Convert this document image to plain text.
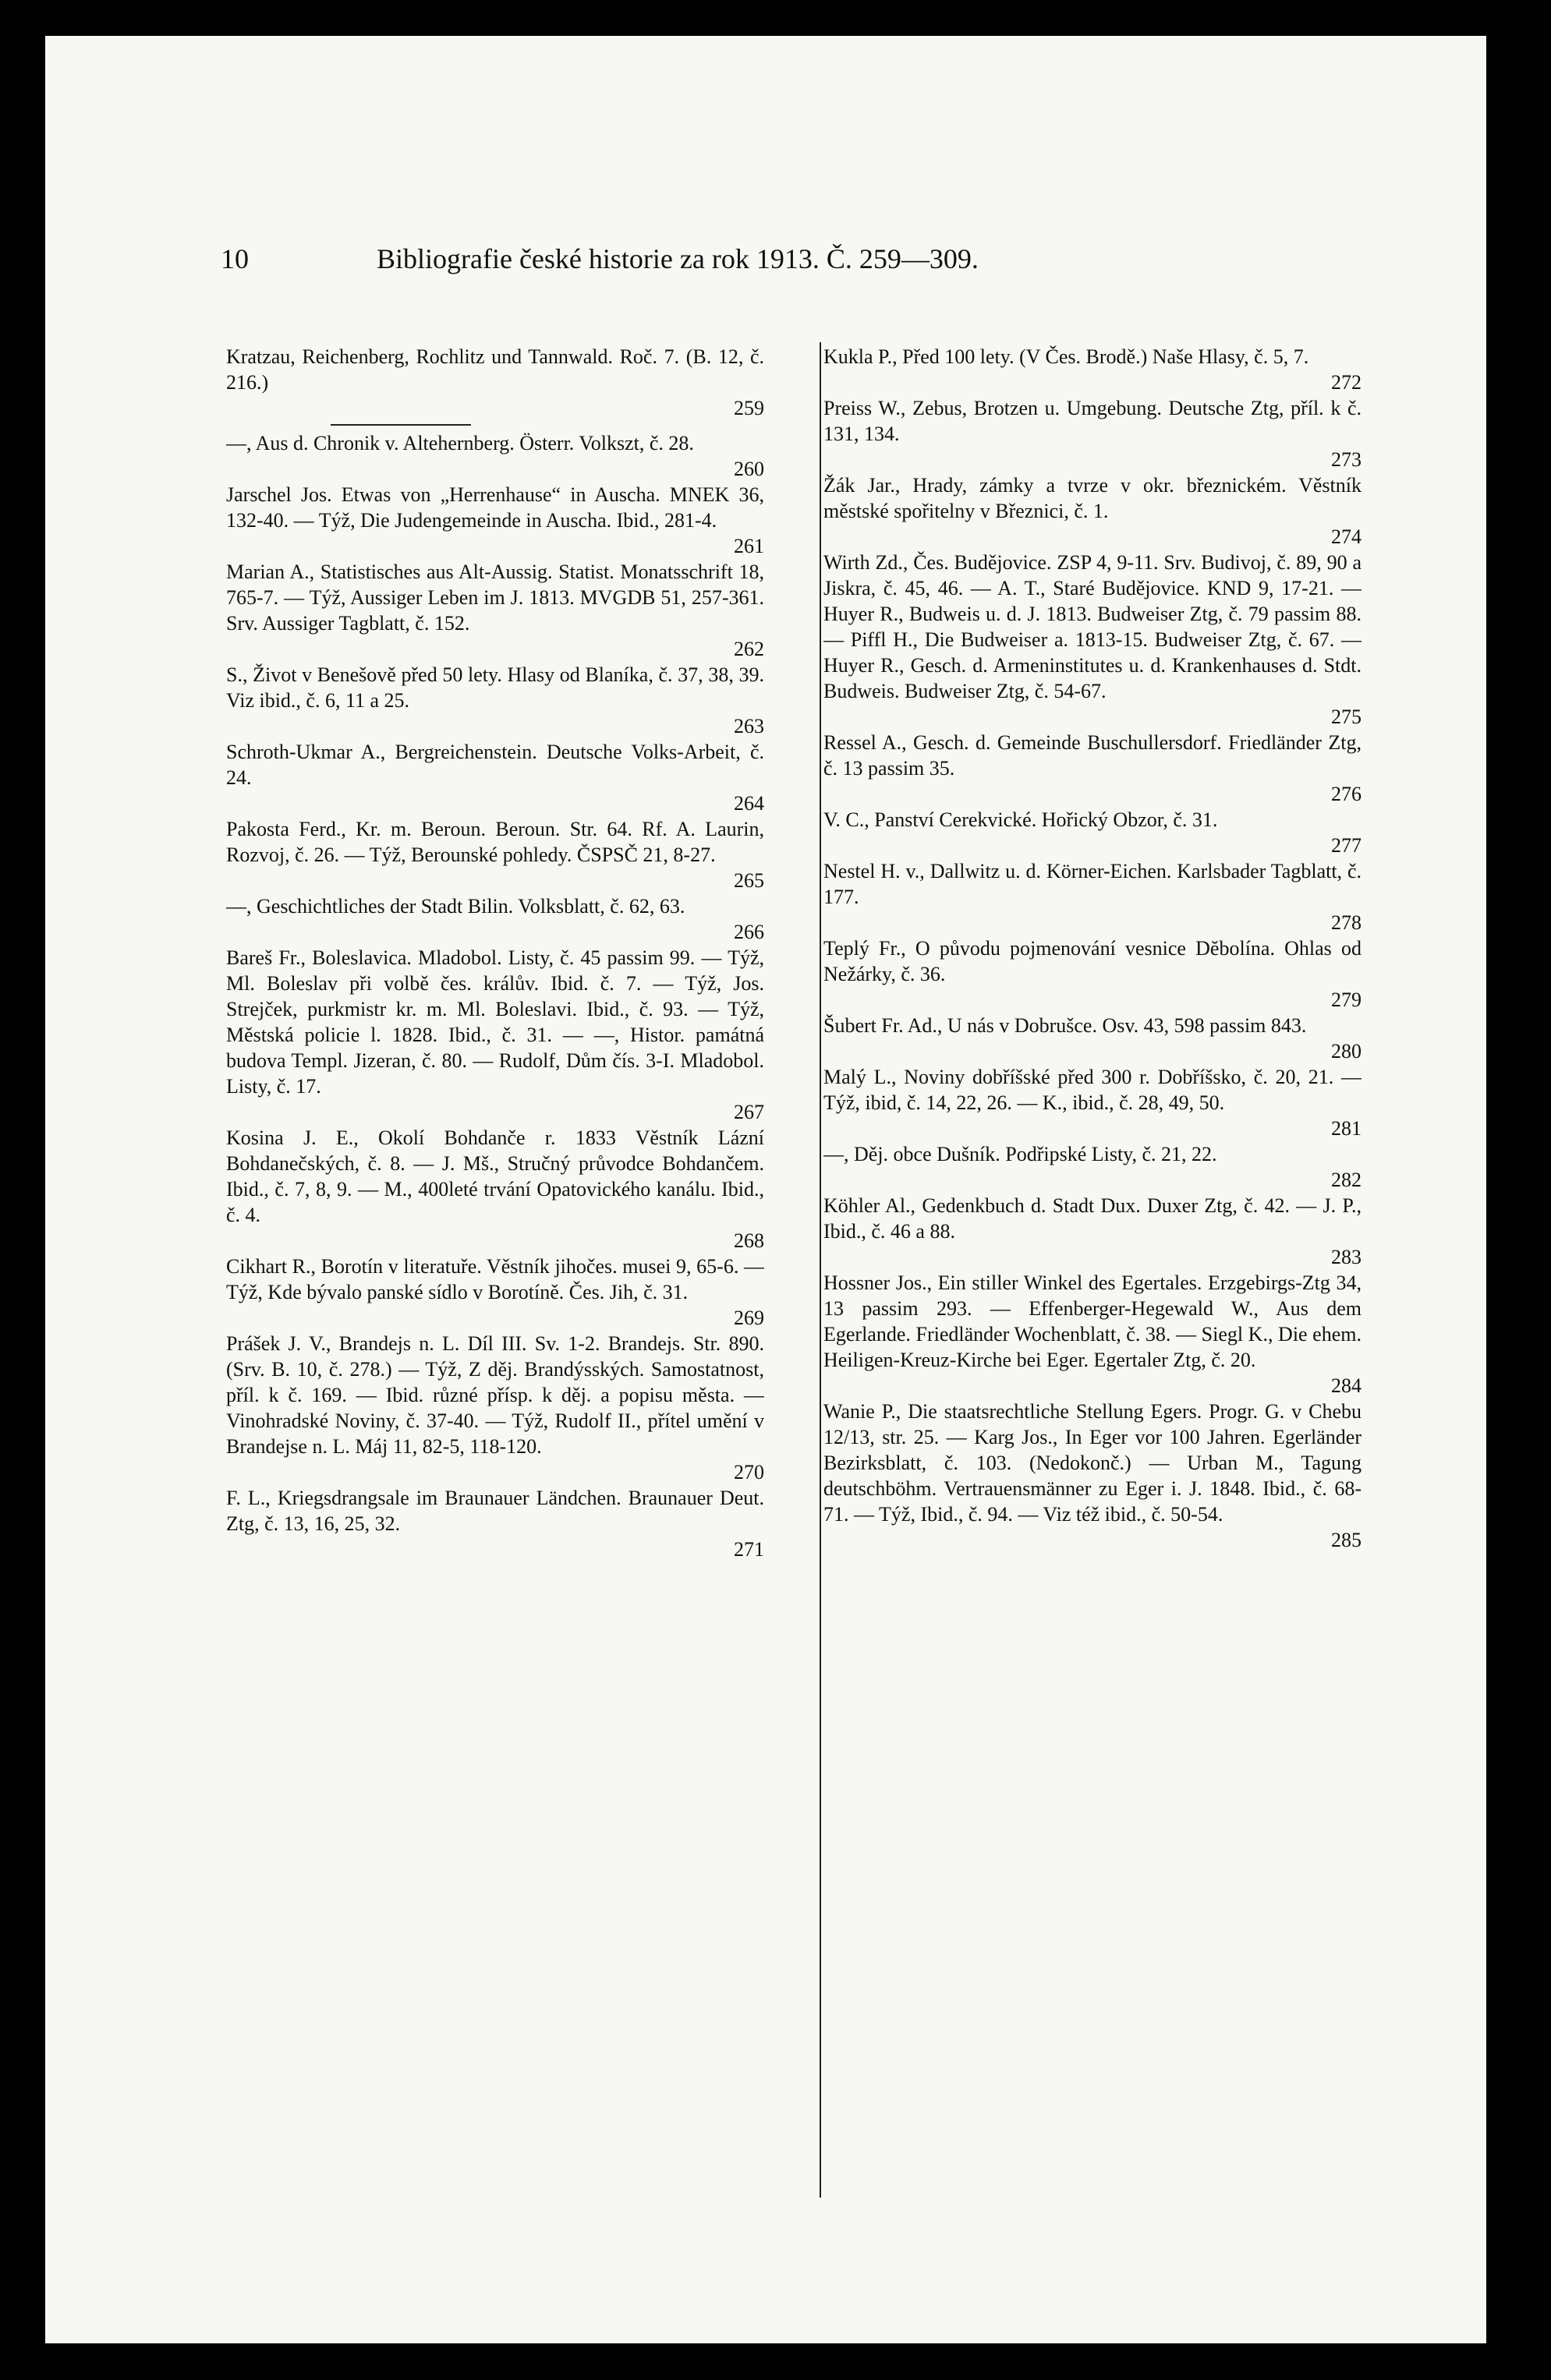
10	Bibliografie české historie za rok 1913. Č. 259—309.
Kratzau, Reichenberg, Rochlitz und Tannwald. Roč. 7. (B. 12, č. 216.)
259
—, Aus d. Chronik v. Altehernberg. Österr. Volkszt, č. 28.
260
Jarschel Jos. Etwas von „Herrenhause“ in Auscha. MNEK 36, 132-40. — Týž, Die Judengemeinde in Auscha. Ibid., 281-4.
261
Marian A., Statistisches aus Alt-Aussig. Statist. Monatsschrift 18, 765-7. — Týž, Aussiger Leben im J. 1813. MVGDB 51, 257-361. Srv. Aussiger Tagblatt, č. 152.
262
S., Život v Benešově před 50 lety. Hlasy od Blaníka, č. 37, 38, 39. Viz ibid., č. 6, 11 a 25.
263
Schroth-Ukmar A., Bergreichenstein. Deutsche Volks-Arbeit, č. 24.
264
Pakosta Ferd., Kr. m. Beroun. Beroun. Str. 64. Rf. A. Laurin, Rozvoj, č. 26. — Týž, Berounské pohledy. ČSPSČ 21, 8-27.
265
—, Geschichtliches der Stadt Bilin. Volksblatt, č. 62, 63.
266
Bareš Fr., Boleslavica. Mladobol. Listy, č. 45 passim 99. — Týž, Ml. Boleslav při volbě čes. králův. Ibid. č. 7. — Týž, Jos. Strejček, purkmistr kr. m. Ml. Boleslavi. Ibid., č. 93. — Týž, Městská policie l. 1828. Ibid., č. 31. — —, Histor. památná budova Templ. Jizeran, č. 80. — Rudolf, Dům čís. 3-I. Mladobol. Listy, č. 17.
267
Kosina J. E., Okolí Bohdanče r. 1833 Věstník Lázní Bohdanečských, č. 8. — J. Mš., Stručný průvodce Bohdančem. Ibid., č. 7, 8, 9. — M., 400leté trvání Opatovického kanálu. Ibid., č. 4.
268
Cikhart R., Borotín v literatuře. Věstník jihočes. musei 9, 65-6. — Týž, Kde bývalo panské sídlo v Borotíně. Čes. Jih, č. 31.
269
Prášek J. V., Brandejs n. L. Díl III. Sv. 1-2. Brandejs. Str. 890. (Srv. B. 10, č. 278.) — Týž, Z děj. Brandýsských. Samostatnost, příl. k č. 169. — Ibid. různé přísp. k děj. a popisu města. — Vinohradské Noviny, č. 37-40. — Týž, Rudolf II., přítel umění v Brandejse n. L. Máj 11, 82-5, 118-120.
270
F. L., Kriegsdrangsale im Braunauer Ländchen. Braunauer Deut. Ztg, č. 13, 16, 25, 32.
271
Kukla P., Před 100 lety. (V Čes. Brodě.) Naše Hlasy, č. 5, 7.
272
Preiss W., Zebus, Brotzen u. Umgebung. Deutsche Ztg, příl. k č. 131, 134.
273
Žák Jar., Hrady, zámky a tvrze v okr. březnickém. Věstník městské spořitelny v Březnici, č. 1.
274
Wirth Zd., Čes. Budějovice. ZSP 4, 9-11. Srv. Budivoj, č. 89, 90 a Jiskra, č. 45, 46. — A. T., Staré Budějovice. KND 9, 17-21. — Huyer R., Budweis u. d. J. 1813. Budweiser Ztg, č. 79 passim 88. — Piffl H., Die Budweiser a. 1813-15. Budweiser Ztg, č. 67. — Huyer R., Gesch. d. Armeninstitutes u. d. Krankenhauses d. Stdt. Budweis. Budweiser Ztg, č. 54-67.
275
Ressel A., Gesch. d. Gemeinde Buschullersdorf. Friedländer Ztg, č. 13 passim 35.
276
V. C., Panství Cerekvické. Hořický Obzor, č. 31.
277
Nestel H. v., Dallwitz u. d. Körner-Eichen. Karlsbader Tagblatt, č. 177.
278
Teplý Fr., O původu pojmenování vesnice Dĕbolína. Ohlas od Nežárky, č. 36.
279
Šubert Fr. Ad., U nás v Dobrušce. Osv. 43, 598 passim 843.
280
Malý L., Noviny dobříšské před 300 r. Dobříšsko, č. 20, 21. — Týž, ibid, č. 14, 22, 26. — K., ibid., č. 28, 49, 50.
281
—, Děj. obce Dušník. Podřipské Listy, č. 21, 22.
282
Köhler Al., Gedenkbuch d. Stadt Dux. Duxer Ztg, č. 42. — J. P., Ibid., č. 46 a 88.
283
Hossner Jos., Ein stiller Winkel des Egertales. Erzgebirgs-Ztg 34, 13 passim 293. — Effenberger-Hegewald W., Aus dem Egerlande. Friedländer Wochenblatt, č. 38. — Siegl K., Die ehem. Heiligen-Kreuz-Kirche bei Eger. Egertaler Ztg, č. 20.
284
Wanie P., Die staatsrechtliche Stellung Egers. Progr. G. v Chebu 12/13, str. 25. — Karg Jos., In Eger vor 100 Jahren. Egerländer Bezirksblatt, č. 103. (Nedokonč.) — Urban M., Tagung deutschböhm. Vertrauensmänner zu Eger i. J. 1848. Ibid., č. 68-71. — Týž, Ibid., č. 94. — Viz též ibid., č. 50-54.
285
